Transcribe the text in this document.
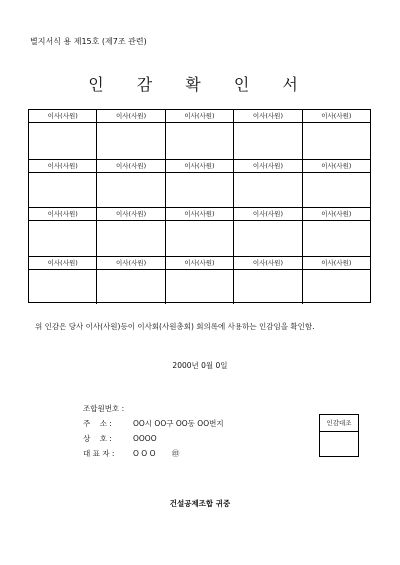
별지서식 용 제15호 (제7조 관련)
인 감 확 인 서
이사(사원)	이사(사원)	이사(사원)	이사(사원)	이사(사원)
이사(사원)	이사(사원)	이사(사원)	이사(사원)	이사(사원)
이사(사원)	이사(사원)	이사(사원)	이사(사원)	이사(사원)
이사(사원)	이사(사원)	이사(사원)	이사(사원)	이사(사원)
위 인감은 당사 이사(사원)등이 이사회(사원총회) 회의록에 사용하는 인감임을 확인함.
2000년 0월 0일
조합원번호 :
주    소 :	OO시 OO구 OO동 OO번지
상    호 :	OOOO
대 표 자 : O O O ㊞
인감대조
건설공제조합 귀중
